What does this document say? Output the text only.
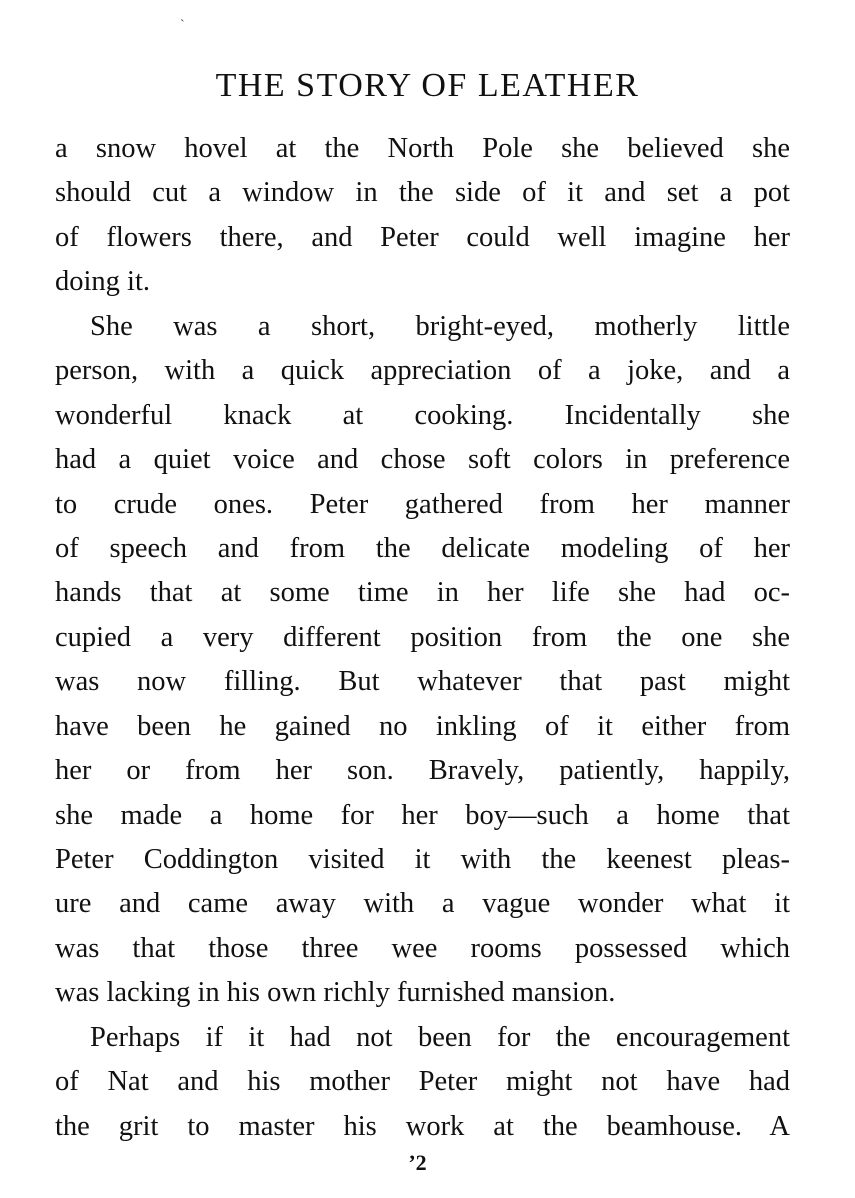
`
THE STORY OF LEATHER
a snow hovel at the North Pole she believed she
should cut a window in the side of it and set a pot
of flowers there, and Peter could well imagine her
doing it.
She was a short, bright-eyed, motherly little
person, with a quick appreciation of a joke, and a
wonderful knack at cooking. Incidentally she
had a quiet voice and chose soft colors in preference
to crude ones. Peter gathered from her manner
of speech and from the delicate modeling of her
hands that at some time in her life she had oc-
cupied a very different position from the one she
was now filling. But whatever that past might
have been he gained no inkling of it either from
her or from her son. Bravely, patiently, happily,
she made a home for her boy—such a home that
Peter Coddington visited it with the keenest pleas-
ure and came away with a vague wonder what it
was that those three wee rooms possessed which
was lacking in his own richly furnished mansion.
Perhaps if it had not been for the encouragement
of Nat and his mother Peter might not have had
the grit to master his work at the beamhouse. A
’2
